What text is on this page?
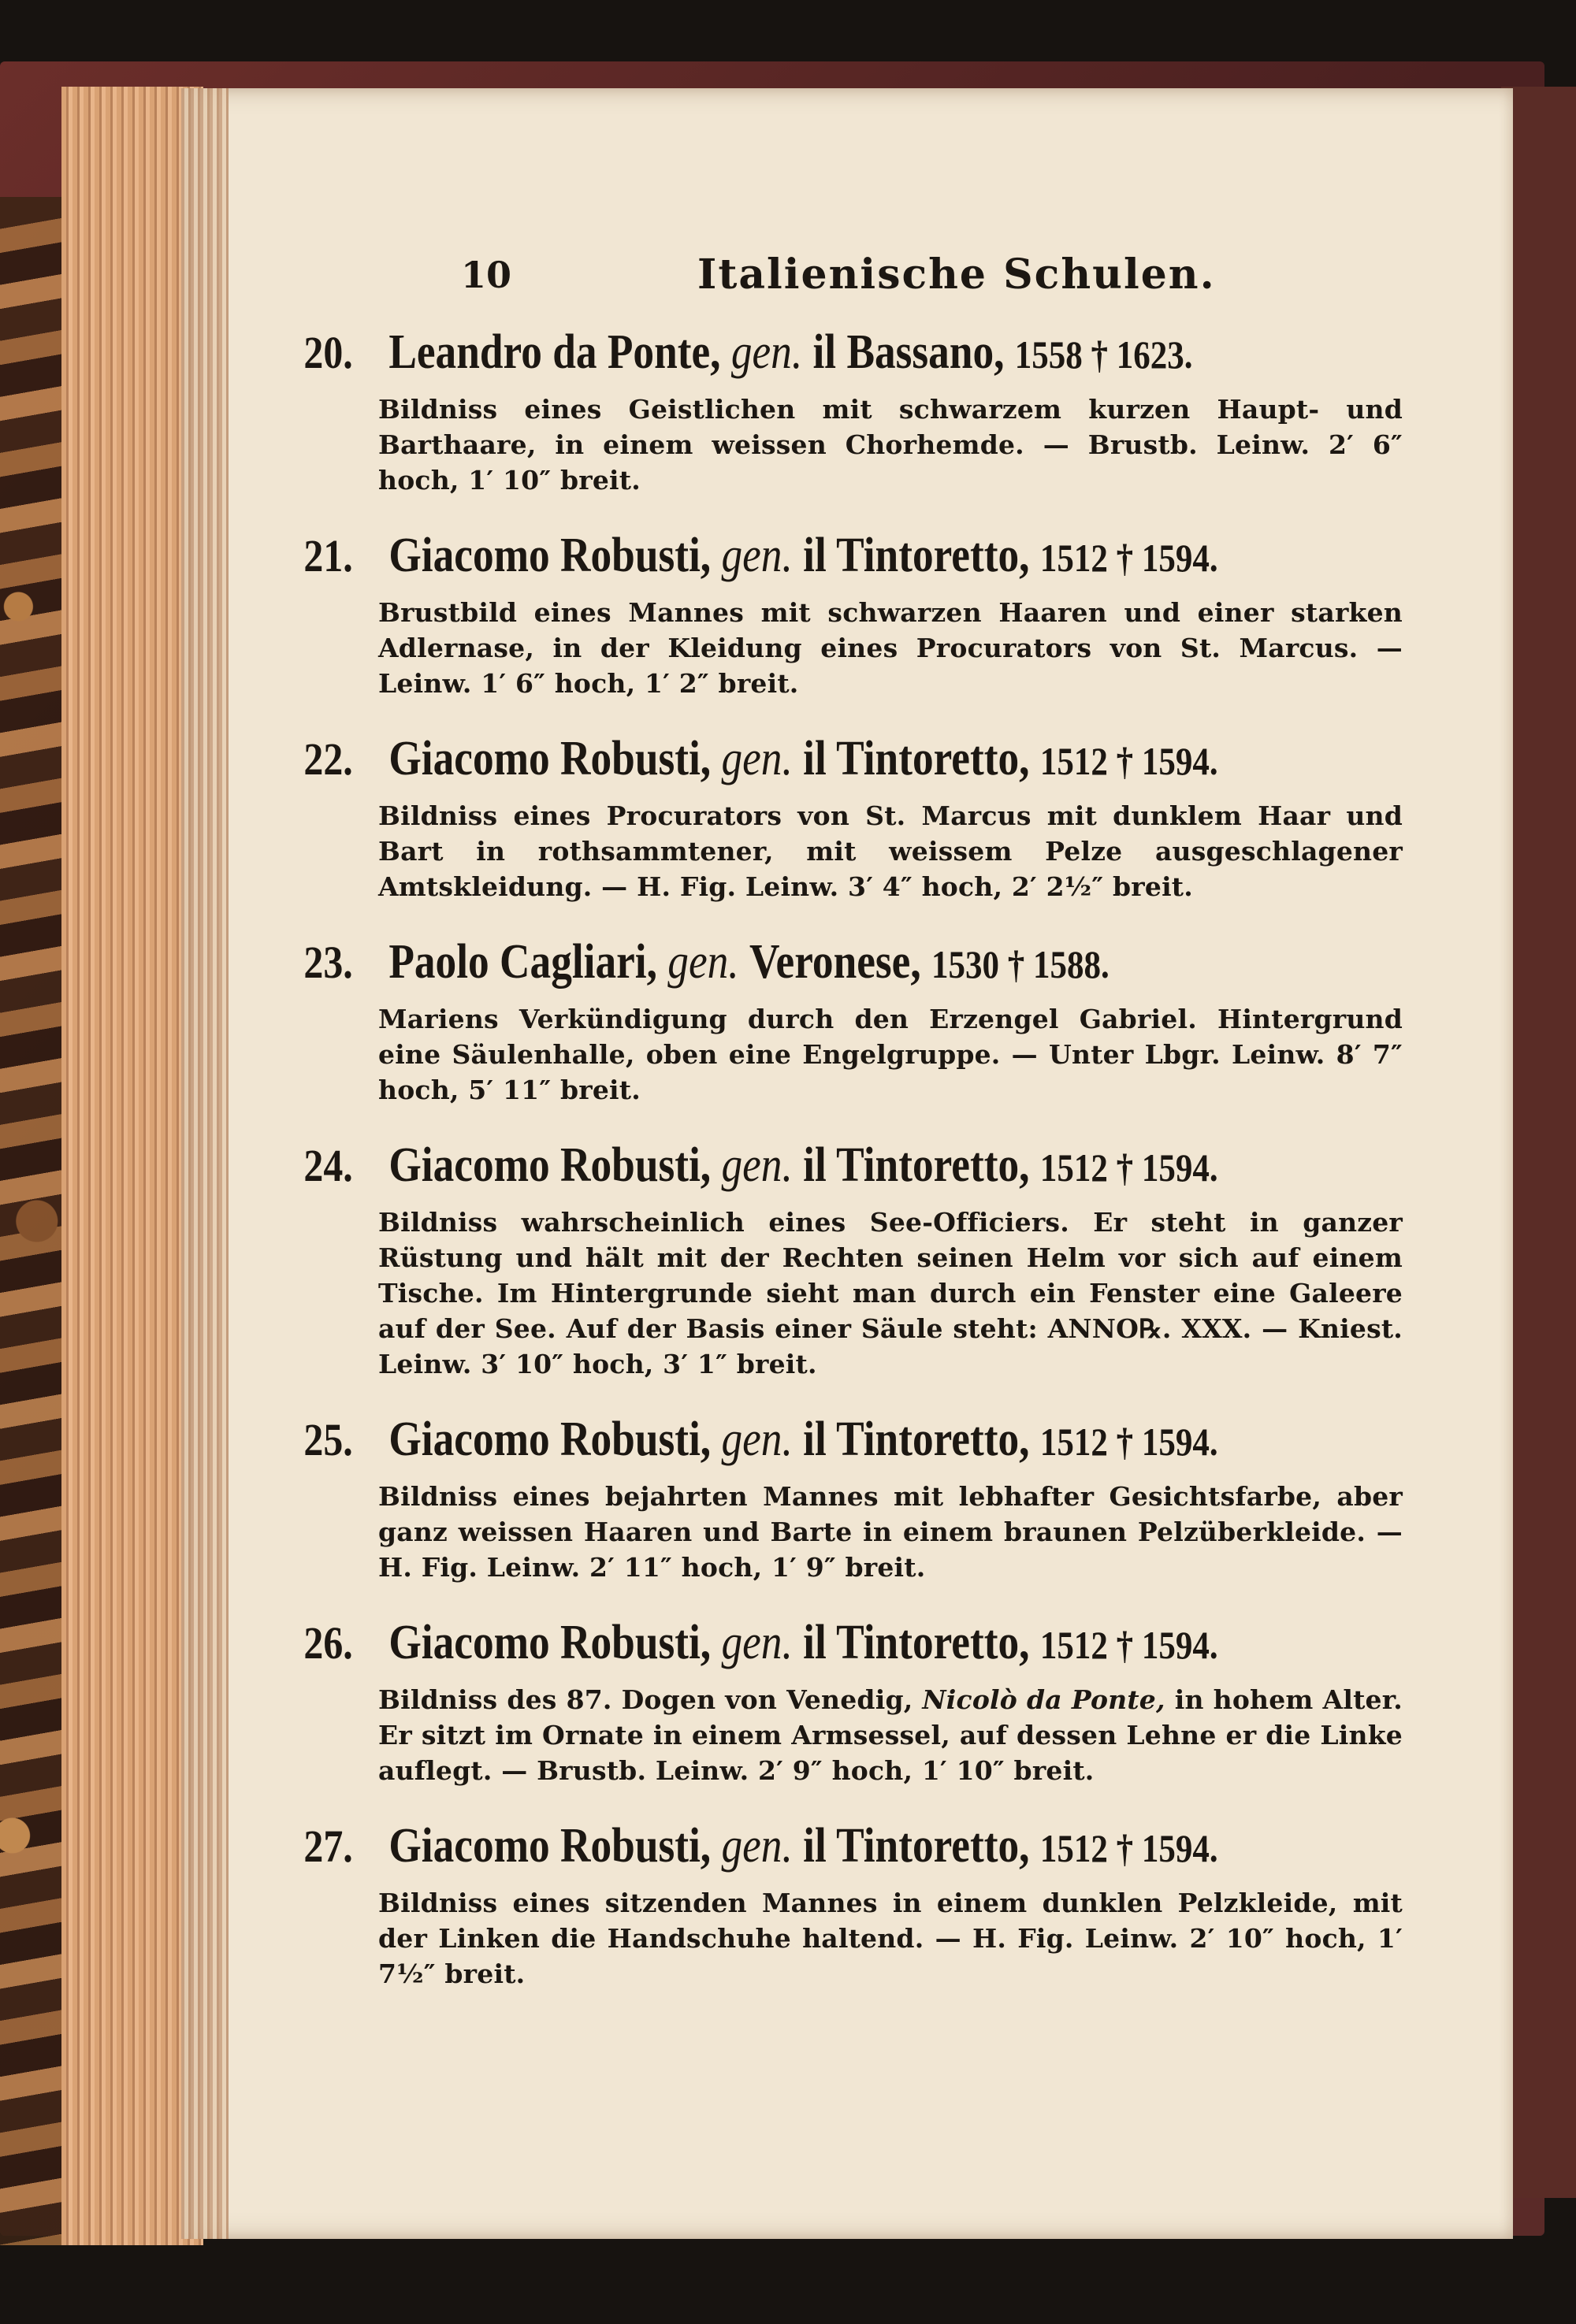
10	Italienische Schulen.
20. Leandro da Ponte, gen. il Bassano, 1558 † 1623.
Bildniss eines Geistlichen mit schwarzem kurzen Haupt- und Barthaare, in einem weissen Chorhemde. — Brustb. Leinw. 2′ 6″ hoch, 1′ 10″ breit.
21. Giacomo Robusti, gen. il Tintoretto, 1512 † 1594.
Brustbild eines Mannes mit schwarzen Haaren und einer starken Adlernase, in der Kleidung eines Procurators von St. Marcus. — Leinw. 1′ 6″ hoch, 1′ 2″ breit.
22. Giacomo Robusti, gen. il Tintoretto, 1512 † 1594.
Bildniss eines Procurators von St. Marcus mit dunklem Haar und Bart in rothsammtener, mit weissem Pelze ausgeschlagener Amtskleidung. — H. Fig. Leinw. 3′ 4″ hoch, 2′ 2½″ breit.
23. Paolo Cagliari, gen. Veronese, 1530 † 1588.
Mariens Verkündigung durch den Erzengel Gabriel. Hintergrund eine Säulenhalle, oben eine Engelgruppe. — Unter Lbgr. Leinw. 8′ 7″ hoch, 5′ 11″ breit.
24. Giacomo Robusti, gen. il Tintoretto, 1512 † 1594.
Bildniss wahrscheinlich eines See-Officiers. Er steht in ganzer Rüstung und hält mit der Rechten seinen Helm vor sich auf einem Tische. Im Hintergrunde sieht man durch ein Fenster eine Galeere auf der See. Auf der Basis einer Säule steht: ANNO℞. XXX. — Kniest. Leinw. 3′ 10″ hoch, 3′ 1″ breit.
25. Giacomo Robusti, gen. il Tintoretto, 1512 † 1594.
Bildniss eines bejahrten Mannes mit lebhafter Gesichtsfarbe, aber ganz weissen Haaren und Barte in einem braunen Pelzüberkleide. — H. Fig. Leinw. 2′ 11″ hoch, 1′ 9″ breit.
26. Giacomo Robusti, gen. il Tintoretto, 1512 † 1594.
Bildniss des 87. Dogen von Venedig, Nicolò da Ponte, in hohem Alter. Er sitzt im Ornate in einem Armsessel, auf dessen Lehne er die Linke auflegt. — Brustb. Leinw. 2′ 9″ hoch, 1′ 10″ breit.
27. Giacomo Robusti, gen. il Tintoretto, 1512 † 1594.
Bildniss eines sitzenden Mannes in einem dunklen Pelzkleide, mit der Linken die Handschuhe haltend. — H. Fig. Leinw. 2′ 10″ hoch, 1′ 7½″ breit.
